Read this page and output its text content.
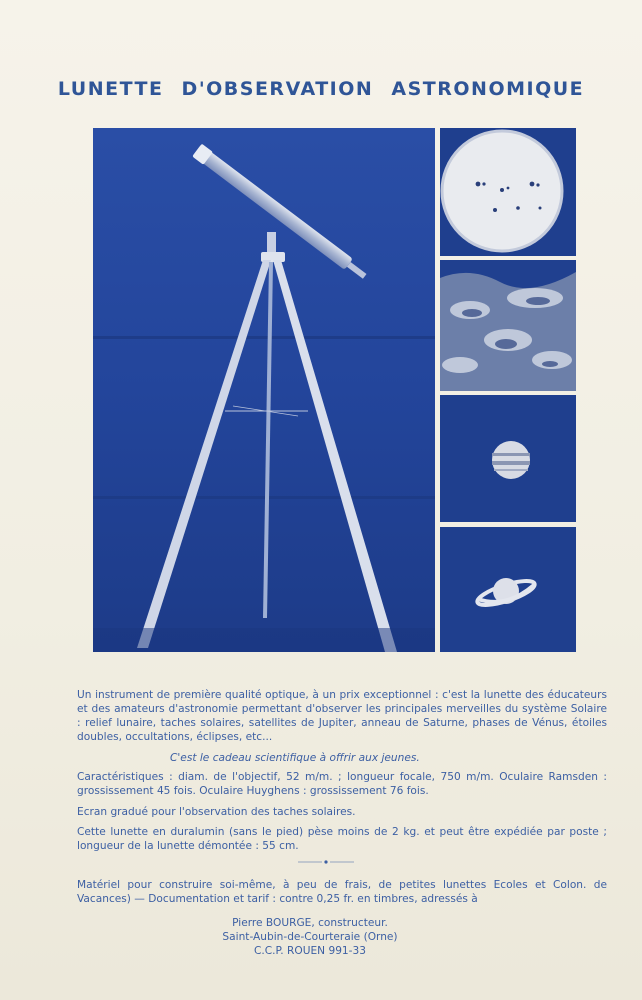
LUNETTE D'OBSERVATION ASTRONOMIQUE
Un instrument de première qualité optique, à un prix exceptionnel : c'est la lunette des éducateurs et des amateurs d'astronomie permettant d'observer les principales merveilles du système Solaire : relief lunaire, taches solaires, satellites de Jupiter, anneau de Saturne, phases de Vénus, étoiles doubles, occultations, éclipses, etc...
C'est le cadeau scientifique à offrir aux jeunes.
Caractéristiques : diam. de l'objectif, 52 m/m. ; longueur focale, 750 m/m. Oculaire Ramsden : grossissement 45 fois. Oculaire Huyghens : grossissement 76 fois.
Ecran gradué pour l'observation des taches solaires.
Cette lunette en duralumin (sans le pied) pèse moins de 2 kg. et peut être expédiée par poste ; longueur de la lunette démontée : 55 cm.
Matériel pour construire soi-même, à peu de frais, de petites lunettes Ecoles et Colon. de Vacances) — Documentation et tarif : contre 0,25 fr. en timbres, adressés à
Pierre BOURGE, constructeur.
Saint-Aubin-de-Courteraie (Orne)
C.C.P. ROUEN 991-33
